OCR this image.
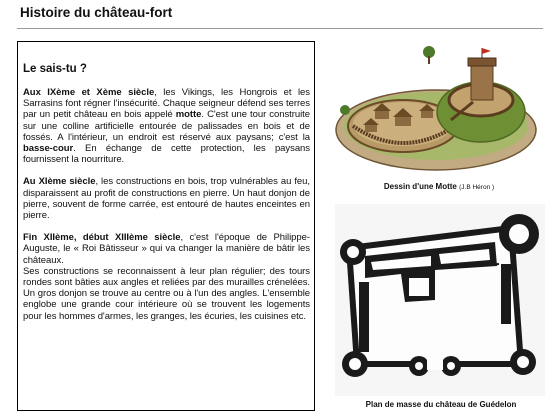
Histoire du château-fort
Le sais-tu ?

Aux IXème et Xème siècle, les Vikings, les Hongrois et les Sarrasins font régner l'insécurité. Chaque seigneur défend ses terres par un petit château en bois appelé motte. C'est une tour construite sur une colline artificielle entourée de palissades en bois et de fossés. A l'intérieur, un endroit est réservé aux paysans; c'est la basse-cour. En échange de cette protection, les paysans fournissent la nourriture.

Au XIème siècle, les constructions en bois, trop vulnérables au feu, disparaissent au profit de constructions en pierre. Un haut donjon de pierre, souvent de forme carrée, est entouré de hautes enceintes en pierre.

Fin XIIème, début XIIIème siècle, c'est l'époque de Philippe-Auguste, le « Roi Bâtisseur » qui va changer la manière de bâtir les châteaux.

Ses constructions se reconnaissent à leur plan régulier; des tours rondes sont bâties aux angles et reliées par des murailles crénelées. Un gros donjon se trouve au centre ou à l'un des angles. L'ensemble englobe une grande cour intérieure où se trouvent les logements pour les hommes d'armes, les granges, les écuries, les cuisines etc.

Dessin d'une Motte (J.B Héron )
Plan de masse du château de Guédelon
